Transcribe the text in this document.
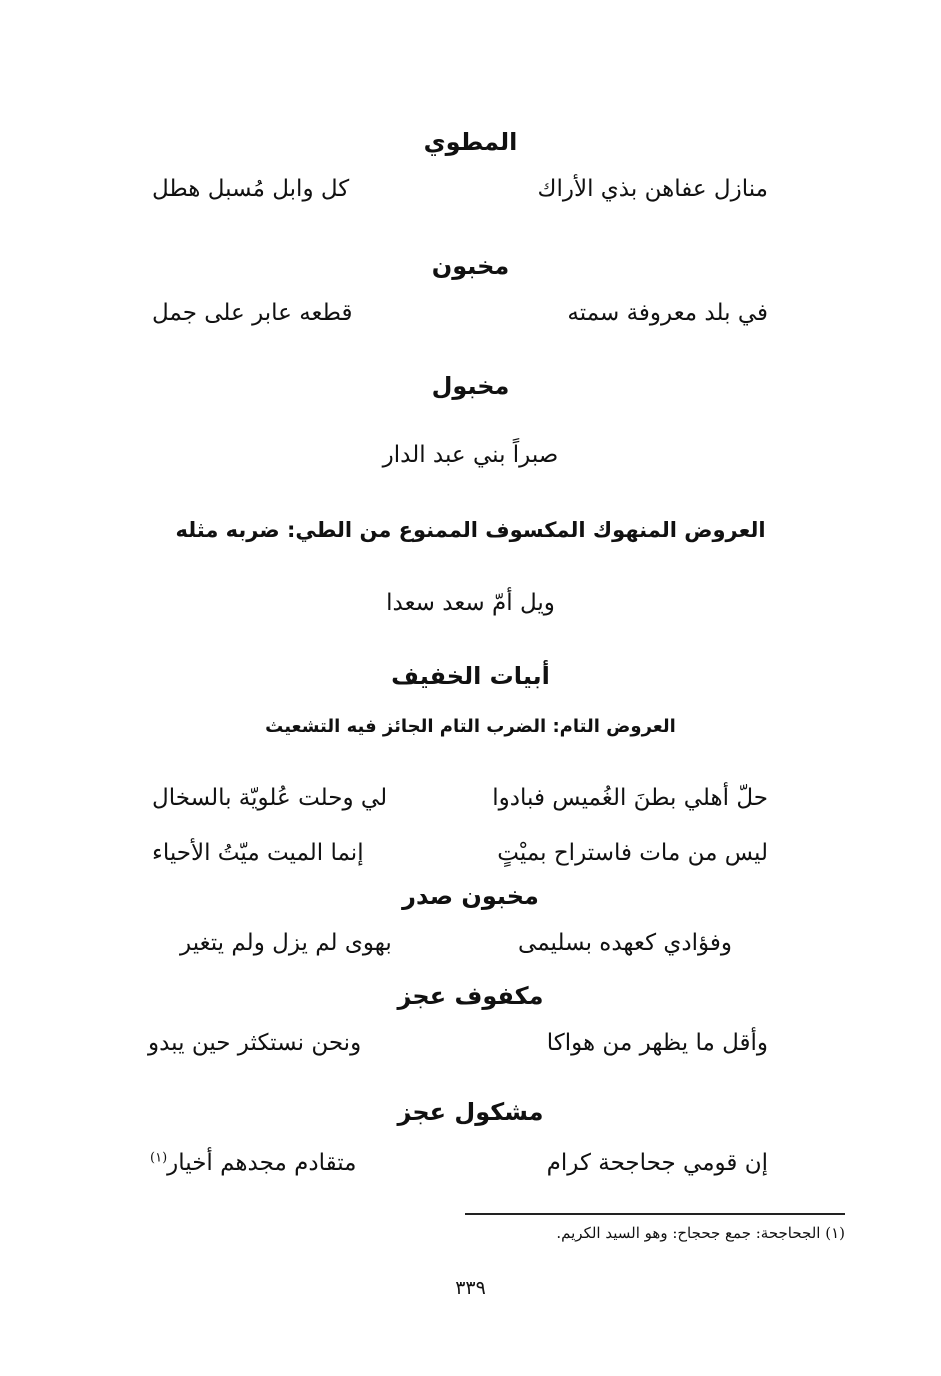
المطوي
منازل عفاهن بذي الأراك
كل وابل مُسبل هطل
مخبون
في بلد معروفة سمته
قطعه عابر على جمل
مخبول
صبراً بني عبد الدار
العروض المنهوك المكسوف الممنوع من الطي: ضربه مثله
ويل أمّ سعد سعدا
أبيات الخفيف
العروض التام: الضرب التام الجائز فيه التشعيث
حلّ أهلي بطنَ الغُميس فبادوا
لي وحلت عُلويّة بالسخال
ليس من مات فاستراح بميْتٍ
إنما الميت ميّتُ الأحياء
مخبون صدر
وفؤادي كعهده بسليمى
بهوى لم يزل ولم يتغير
مكفوف عجز
وأقل ما يظهر من هواكا
ونحن نستكثر حين يبدو
مشكول عجز
إن قومي جحاجحة كرام
متقادم مجدهم أخيار$^{(١)}$
(١) الجحاجحة: جمع جحجاح: وهو السيد الكريم.
٣٣٩
